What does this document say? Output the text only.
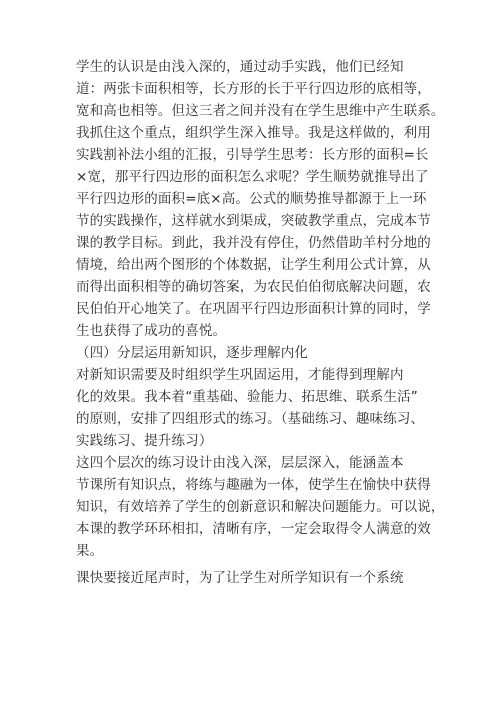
学生的认识是由浅入深的，通过动手实践，他们已经知
道：两张卡面积相等，长方形的长于平行四边形的底相等，
宽和高也相等。但这三者之间并没有在学生思维中产生联系。
我抓住这个重点，组织学生深入推导。我是这样做的，利用
实践割补法小组的汇报，引导学生思考：长方形的面积=长
×宽，那平行四边形的面积怎么求呢？学生顺势就推导出了
平行四边形的面积=底×高。公式的顺势推导都源于上一环
节的实践操作，这样就水到渠成，突破教学重点，完成本节
课的教学目标。到此，我并没有停住，仍然借助羊村分地的
情境，给出两个图形的个体数据，让学生利用公式计算，从
而得出面积相等的确切答案，为农民伯伯彻底解决问题，农
民伯伯开心地笑了。在巩固平行四边形面积计算的同时，学
生也获得了成功的喜悦。
（四）分层运用新知识，逐步理解内化
对新知识需要及时组织学生巩固运用，才能得到理解内
化的效果。我本着“重基础、验能力、拓思维、联系生活”
的原则，安排了四组形式的练习。（基础练习、趣味练习、
实践练习、提升练习）
这四个层次的练习设计由浅入深，层层深入，能涵盖本
节课所有知识点，将练与趣融为一体，使学生在愉快中获得
知识，有效培养了学生的创新意识和解决问题能力。可以说，
本课的教学环环相扣，清晰有序，一定会取得令人满意的效
果。
课快要接近尾声时，为了让学生对所学知识有一个系统
